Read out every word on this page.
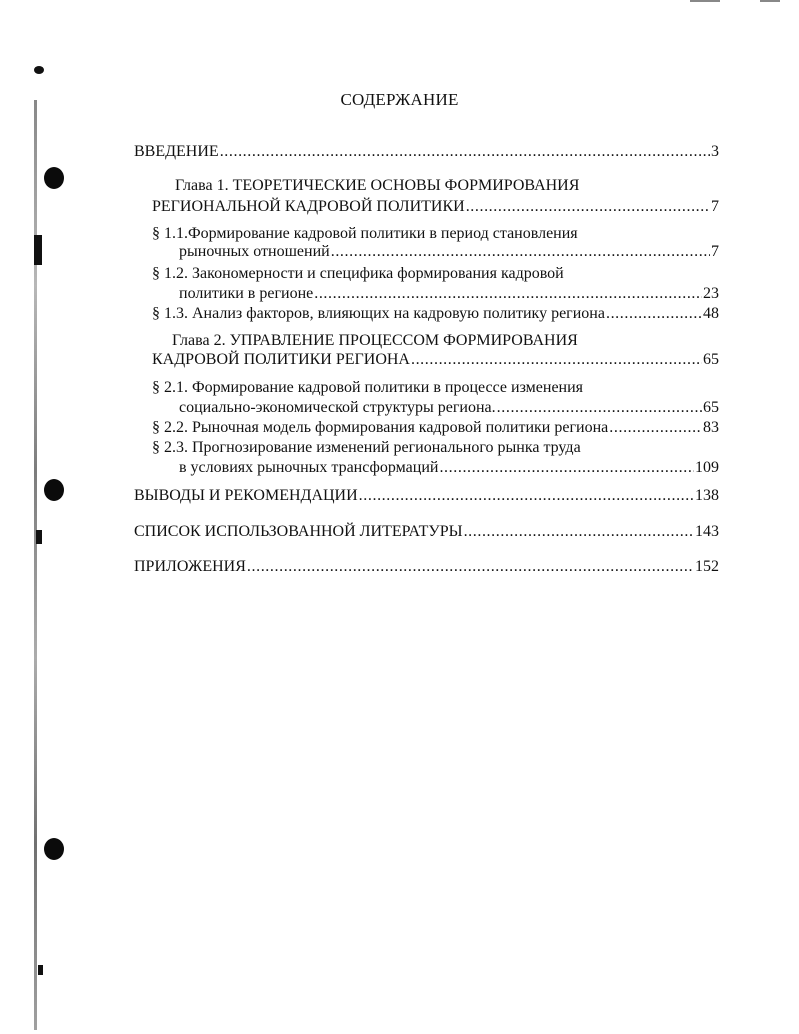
СОДЕРЖАНИЕ
ВВЕДЕНИЕ .....	3
Глава 1. ТЕОРЕТИЧЕСКИЕ ОСНОВЫ ФОРМИРОВАНИЯ
РЕГИОНАЛЬНОЙ КАДРОВОЙ ПОЛИТИКИ .....	7
§ 1.1.Формирование кадровой политики в период становления
рыночных отношений .....	7
§ 1.2. Закономерности и специфика формирования кадровой
политики в регионе .....	23
§ 1.3. Анализ факторов, влияющих на кадровую политику региона .....	48
Глава 2. УПРАВЛЕНИЕ ПРОЦЕССОМ ФОРМИРОВАНИЯ
КАДРОВОЙ ПОЛИТИКИ РЕГИОНА .....	65
§ 2.1. Формирование кадровой политики в процессе изменения
социально-экономической структуры региона. .....	65
§ 2.2. Рыночная модель формирования кадровой политики региона .....	83
§ 2.3. Прогнозирование изменений регионального рынка труда
в условиях рыночных трансформаций .....	109
ВЫВОДЫ И РЕКОМЕНДАЦИИ .....	138
СПИСОК ИСПОЛЬЗОВАННОЙ ЛИТЕРАТУРЫ .....	143
ПРИЛОЖЕНИЯ .....	152
